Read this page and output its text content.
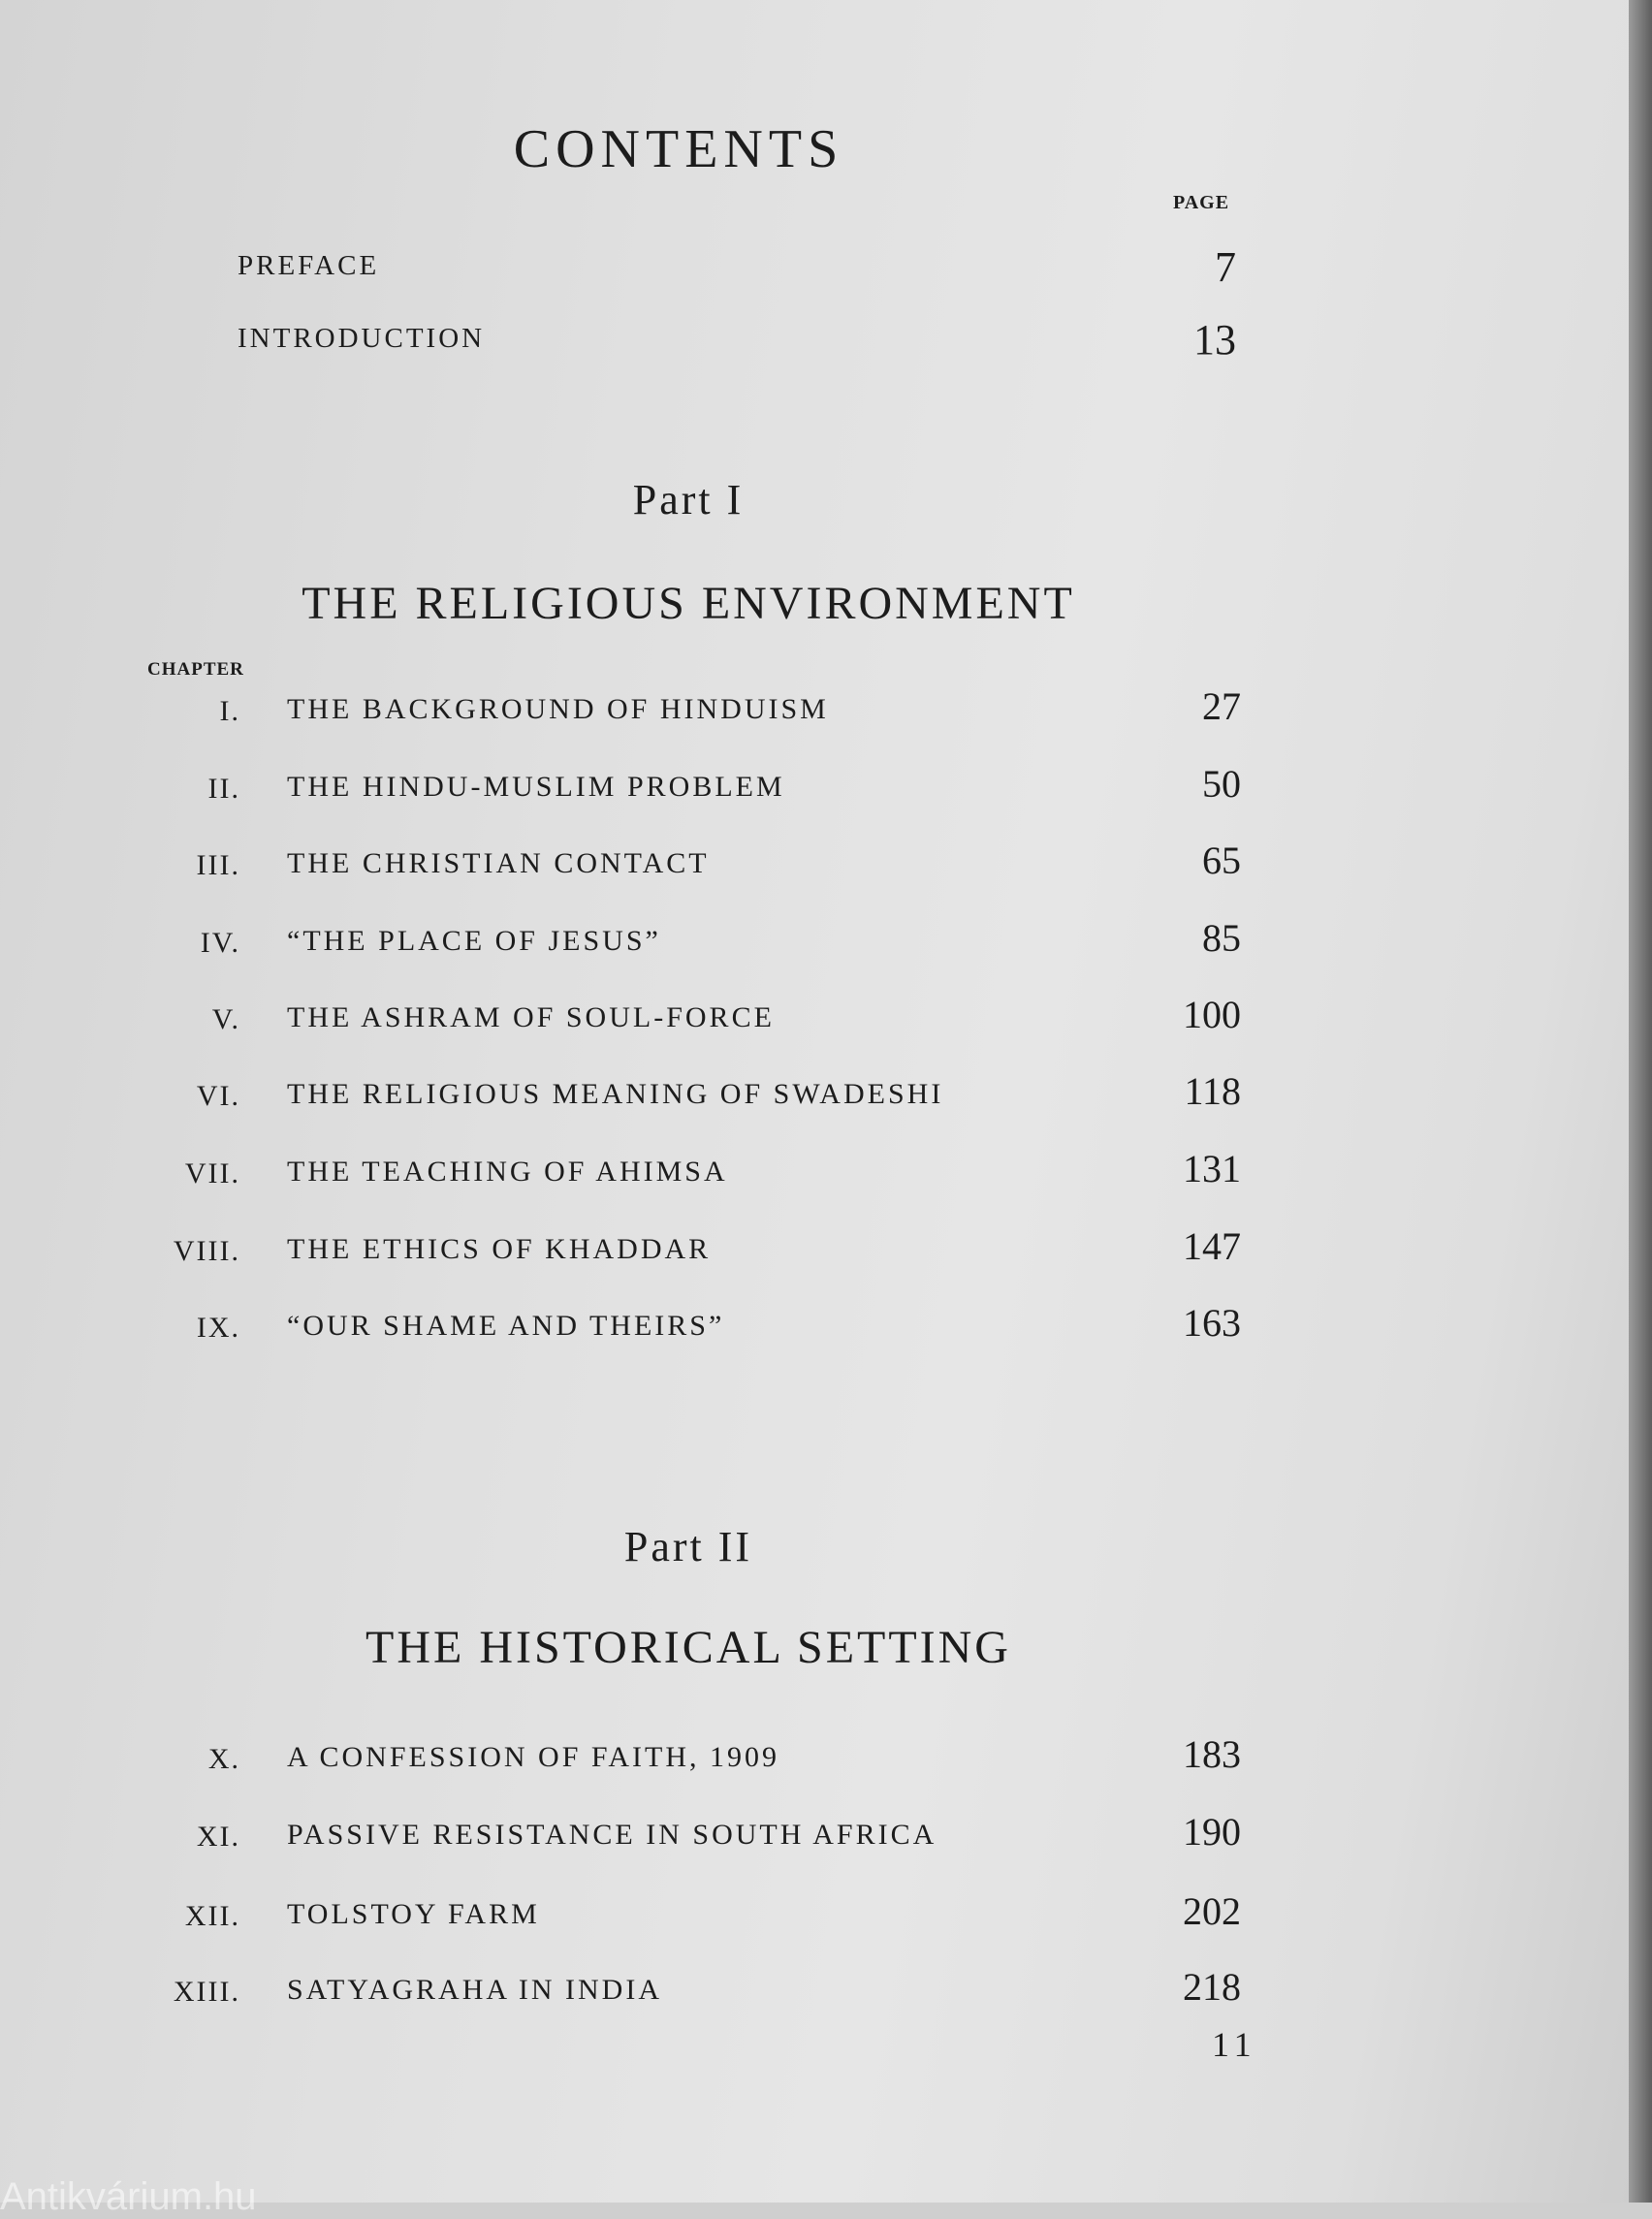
CONTENTS
PAGE
PREFACE	7
INTRODUCTION	13
Part I
THE RELIGIOUS ENVIRONMENT
CHAPTER
I. THE BACKGROUND OF HINDUISM	27
II. THE HINDU-MUSLIM PROBLEM	50
III. THE CHRISTIAN CONTACT	65
IV. “THE PLACE OF JESUS”	85
V. THE ASHRAM OF SOUL-FORCE	100
VI. THE RELIGIOUS MEANING OF SWADESHI	118
VII. THE TEACHING OF AHIMSA	131
VIII. THE ETHICS OF KHADDAR	147
IX. “OUR SHAME AND THEIRS”	163
Part II
THE HISTORICAL SETTING
X. A CONFESSION OF FAITH, 1909	183
XI. PASSIVE RESISTANCE IN SOUTH AFRICA	190
XII. TOLSTOY FARM	202
XIII. SATYAGRAHA IN INDIA	218
11
Antikvárium.hu
